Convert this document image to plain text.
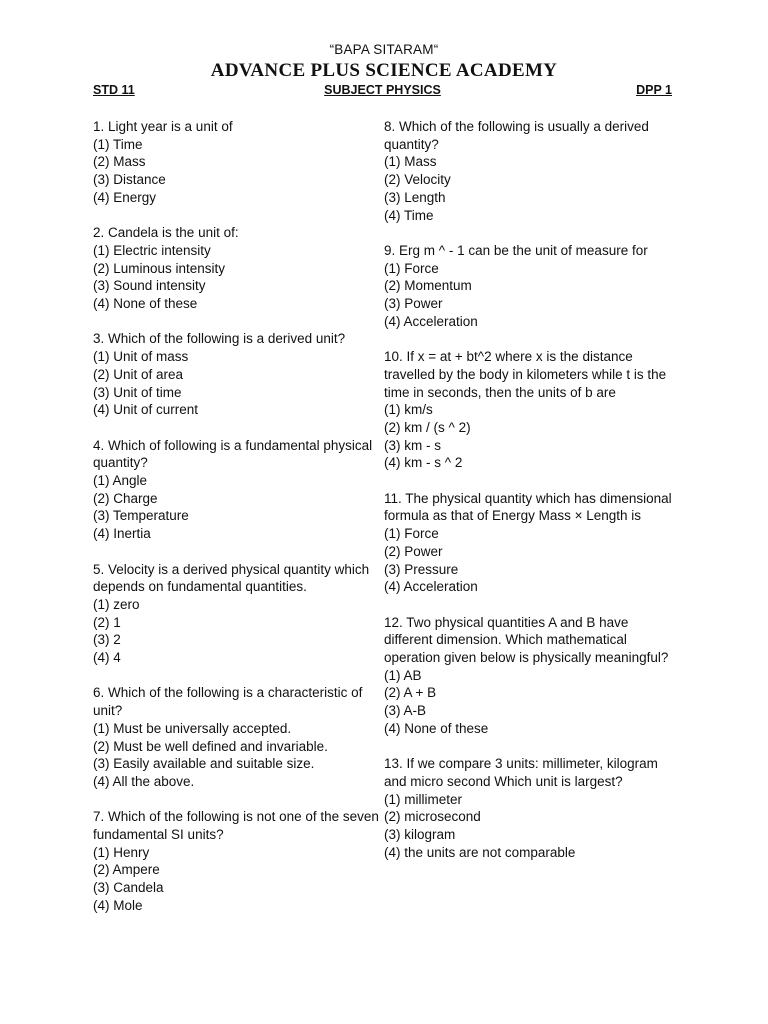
“BAPA SITARAM“
ADVANCE PLUS SCIENCE ACADEMY
STD 11	SUBJECT PHYSICS	DPP 1
1. Light year is a unit of
(1) Time
(2) Mass
(3) Distance
(4) Energy
2. Candela is the unit of:
(1) Electric intensity
(2) Luminous intensity
(3) Sound intensity
(4) None of these
3. Which of the following is a derived unit?
(1) Unit of mass
(2) Unit of area
(3) Unit of time
(4) Unit of current
4. Which of following is a fundamental physical quantity?
(1) Angle
(2) Charge
(3) Temperature
(4) Inertia
5. Velocity is a derived physical quantity which depends on fundamental quantities.
(1) zero
(2) 1
(3) 2
(4) 4
6. Which of the following is a characteristic of unit?
(1) Must be universally accepted.
(2) Must be well defined and invariable.
(3) Easily available and suitable size.
(4) All the above.
7. Which of the following is not one of the seven fundamental SI units?
(1) Henry
(2) Ampere
(3) Candela
(4) Mole
8. Which of the following is usually a derived quantity?
(1) Mass
(2) Velocity
(3) Length
(4) Time
9. Erg m ^ - 1 can be the unit of measure for
(1) Force
(2) Momentum
(3) Power
(4) Acceleration
10. If x = at + bt^2 where x is the distance travelled by the body in kilometers while t is the time in seconds, then the units of b are
(1) km/s
(2) km / (s ^ 2)
(3) km - s
(4) km - s ^ 2
11. The physical quantity which has dimensional formula as that of Energy Mass × Length is
(1) Force
(2) Power
(3) Pressure
(4) Acceleration
12. Two physical quantities A and B have different dimension. Which mathematical operation given below is physically meaningful?
(1) AB
(2) A + B
(3) A-B
(4) None of these
13. If we compare 3 units: millimeter, kilogram and micro second Which unit is largest?
(1) millimeter
(2) microsecond
(3) kilogram
(4) the units are not comparable
